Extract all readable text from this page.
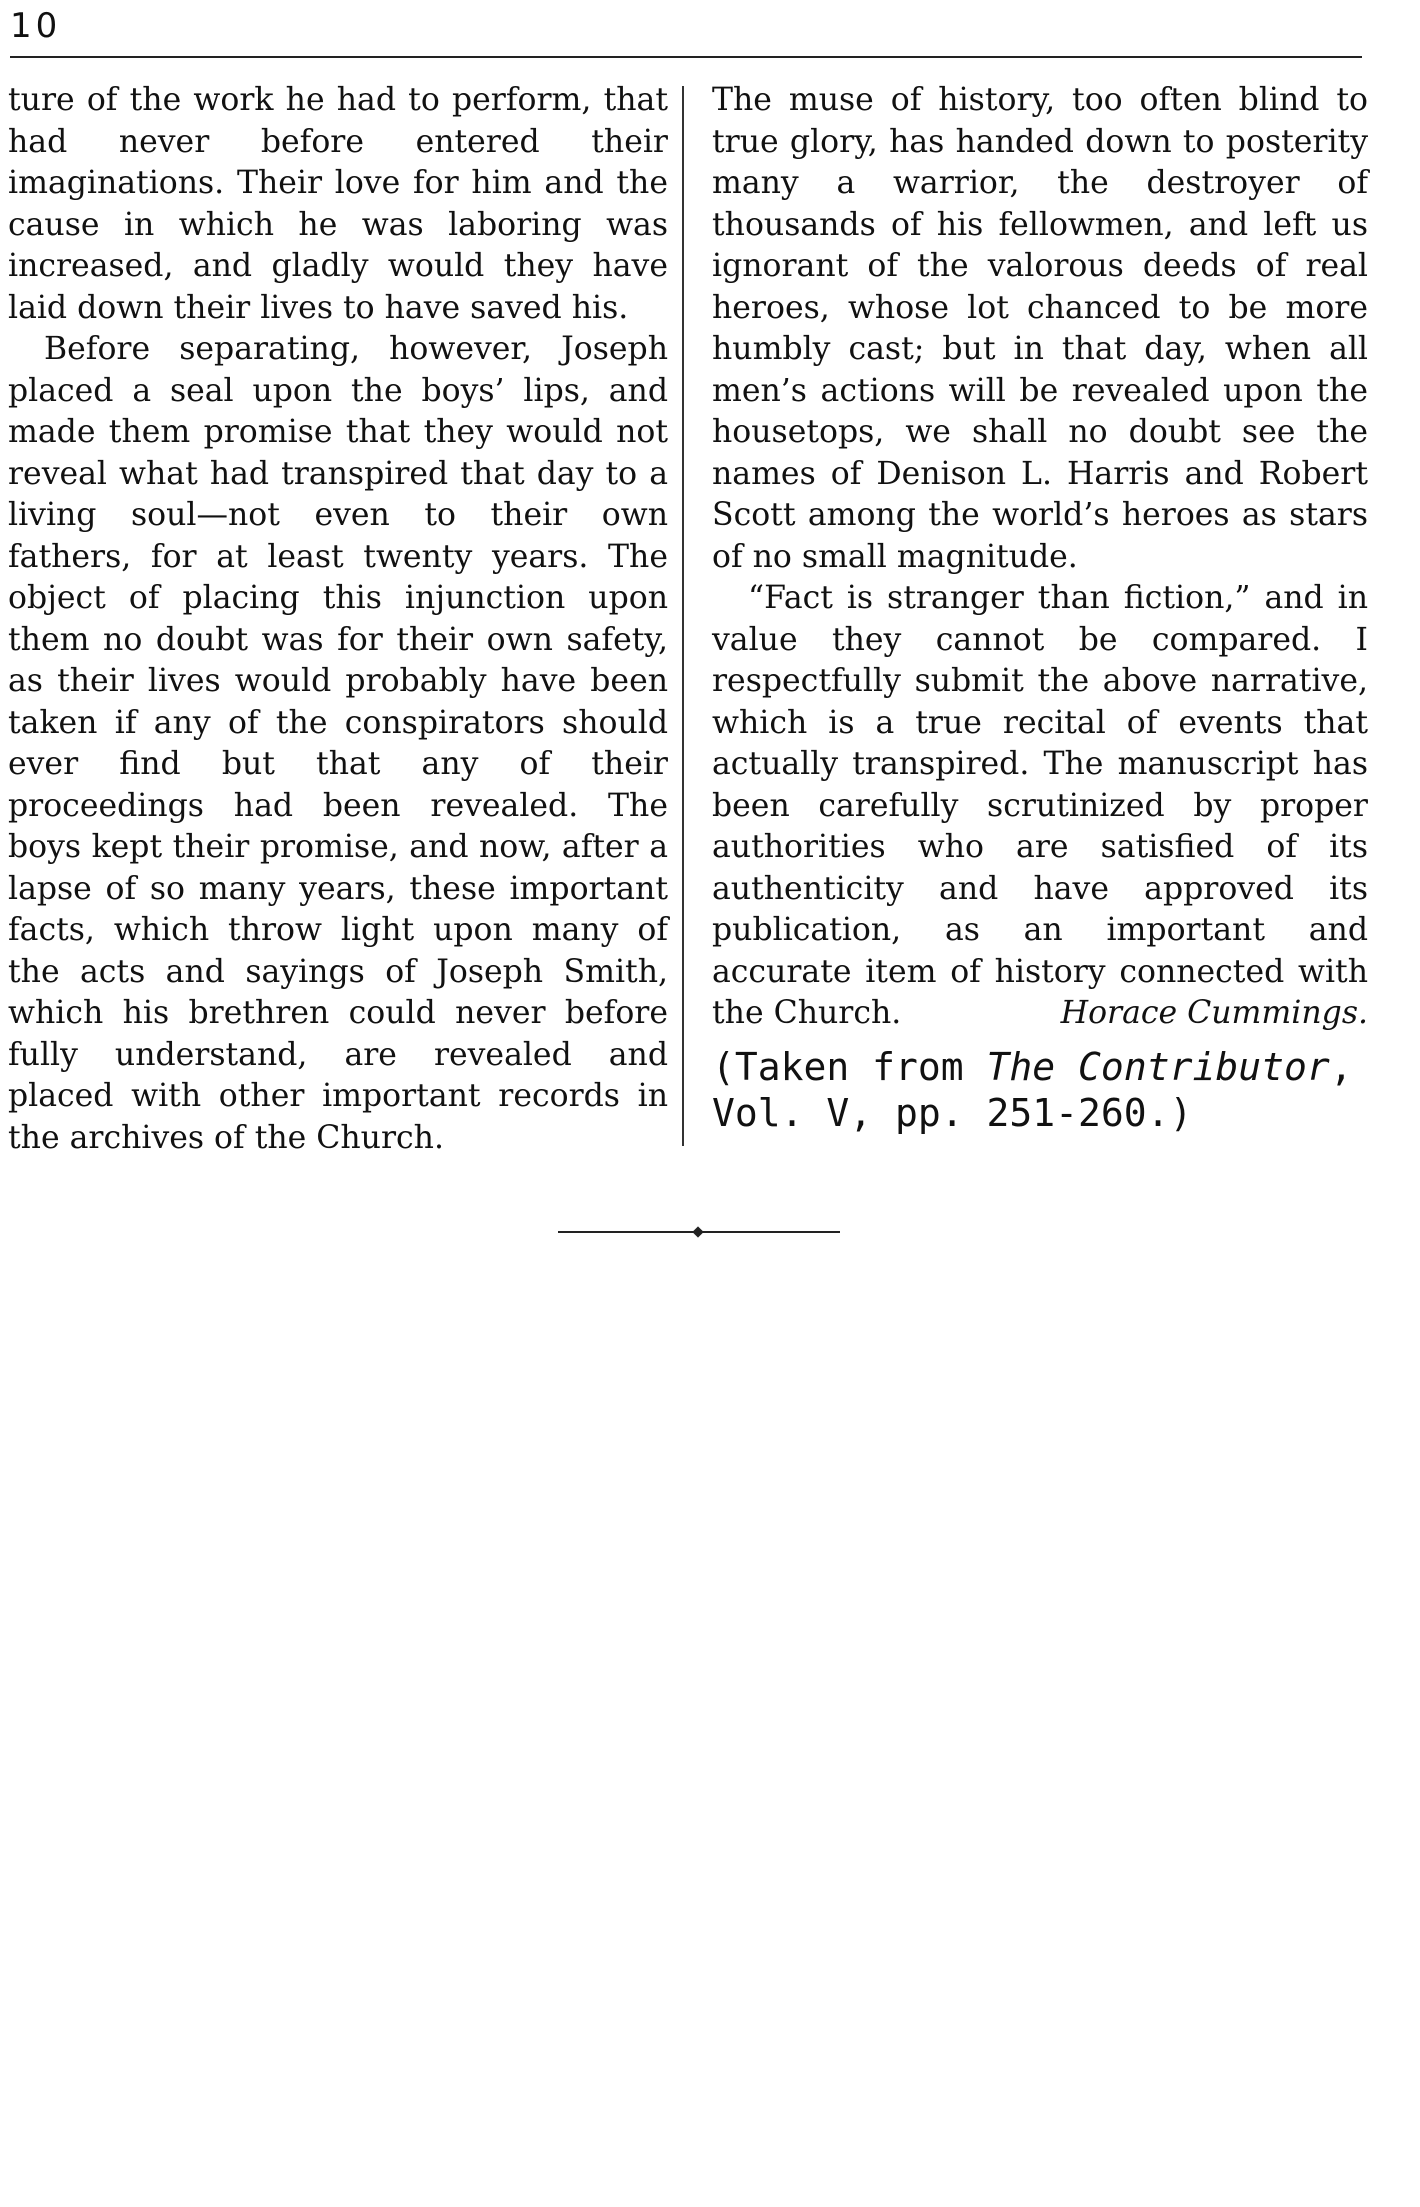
10

ture of the work he had to perform, that had never before entered their imaginations. Their love for him and the cause in which he was laboring was increased, and gladly would they have laid down their lives to have saved his.

Before separating, however, Joseph placed a seal upon the boys’ lips, and made them promise that they would not reveal what had transpired that day to a living soul—not even to their own fathers, for at least twenty years. The object of placing this injunction upon them no doubt was for their own safety, as their lives would probably have been taken if any of the conspirators should ever find but that any of their proceedings had been revealed. The boys kept their promise, and now, after a lapse of so many years, these important facts, which throw light upon many of the acts and sayings of Joseph Smith, which his brethren could never before fully understand, are revealed and placed with other important records in the archives of the Church.

The muse of history, too often blind to true glory, has handed down to posterity many a warrior, the destroyer of thousands of his fellowmen, and left us ignorant of the valorous deeds of real heroes, whose lot chanced to be more humbly cast; but in that day, when all men’s actions will be revealed upon the housetops, we shall no doubt see the names of Denison L. Harris and Robert Scott among the world’s heroes as stars of no small magnitude.

“Fact is stranger than fiction,” and in value they cannot be compared. I respectfully submit the above narrative, which is a true recital of events that actually transpired. The manuscript has been carefully scrutinized by proper authorities who are satisfied of its authenticity and have approved its publication, as an important and accurate item of history connected with the Church.	Horace Cummings.

(Taken from The Contributor,
Vol. V, pp. 251-260.)
